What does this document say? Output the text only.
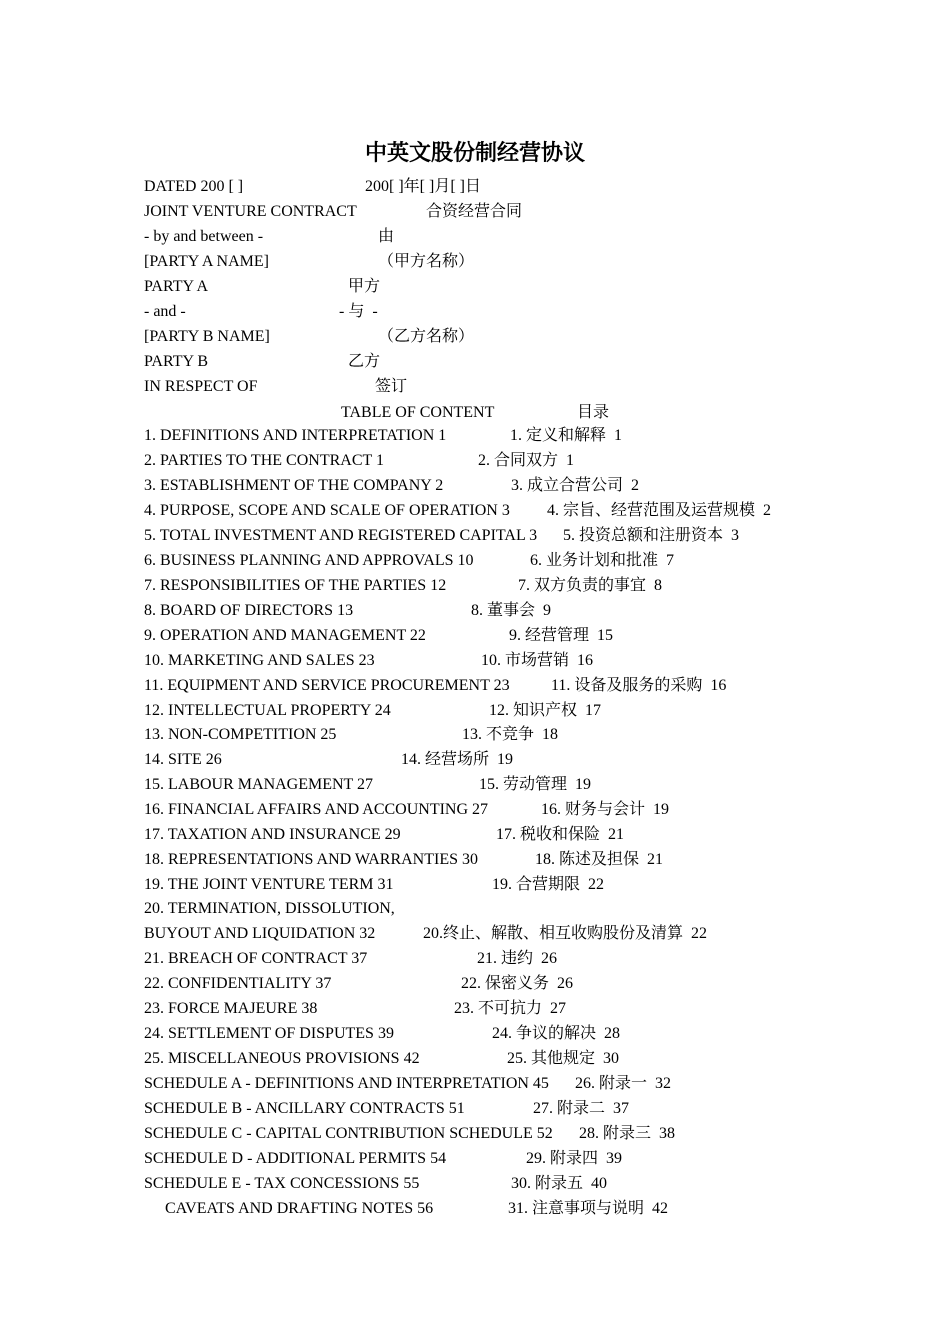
中英文股份制经营协议
DATED 200 [ ]	200[ ]年[ ]月[ ]日
JOINT VENTURE CONTRACT	合资经营合同
- by and between -	由
[PARTY A NAME]	（甲方名称）
PARTY A	甲方
- and -	- 与  -
[PARTY B NAME]	（乙方名称）
PARTY B	乙方
IN RESPECT OF	签订
TABLE OF CONTENT	目录
1. DEFINITIONS AND INTERPRETATION 1	1. 定义和解释  1
2. PARTIES TO THE CONTRACT 1	2. 合同双方  1
3. ESTABLISHMENT OF THE COMPANY 2	3. 成立合营公司  2
4. PURPOSE, SCOPE AND SCALE OF OPERATION 3 4. 宗旨、经营范围及运营规模  2
5. TOTAL INVESTMENT AND REGISTERED CAPITAL 3 5. 投资总额和注册资本  3
6. BUSINESS PLANNING AND APPROVALS 10	6. 业务计划和批准  7
7. RESPONSIBILITIES OF THE PARTIES 12	7. 双方负责的事宜  8
8. BOARD OF DIRECTORS 13	8. 董事会  9
9. OPERATION AND MANAGEMENT 22	9. 经营管理  15
10. MARKETING AND SALES 23	10. 市场营销  16
11. EQUIPMENT AND SERVICE PROCUREMENT 23	11. 设备及服务的采购  16
12. INTELLECTUAL PROPERTY 24	12. 知识产权  17
13. NON-COMPETITION 25	13. 不竞争  18
14. SITE 26	14. 经营场所  19
15. LABOUR MANAGEMENT 27	15. 劳动管理  19
16. FINANCIAL AFFAIRS AND ACCOUNTING 27	16. 财务与会计  19
17. TAXATION AND INSURANCE 29	17. 税收和保险  21
18. REPRESENTATIONS AND WARRANTIES 30	18. 陈述及担保  21
19. THE JOINT VENTURE TERM 31	19. 合营期限  22
20. TERMINATION, DISSOLUTION,
BUYOUT AND LIQUIDATION 32	20.终止、解散、相互收购股份及清算  22
21. BREACH OF CONTRACT 37	21. 违约  26
22. CONFIDENTIALITY 37	22. 保密义务  26
23. FORCE MAJEURE 38	23. 不可抗力  27
24. SETTLEMENT OF DISPUTES 39	24. 争议的解决  28
25. MISCELLANEOUS PROVISIONS 42	25. 其他规定  30
SCHEDULE A - DEFINITIONS AND INTERPRETATION 45 26. 附录一  32
SCHEDULE B - ANCILLARY CONTRACTS 51	27. 附录二  37
SCHEDULE C - CAPITAL CONTRIBUTION SCHEDULE 52 28. 附录三  38
SCHEDULE D - ADDITIONAL PERMITS 54	29. 附录四  39
SCHEDULE E - TAX CONCESSIONS 55	30. 附录五  40
CAVEATS AND DRAFTING NOTES 56	31. 注意事项与说明  42
